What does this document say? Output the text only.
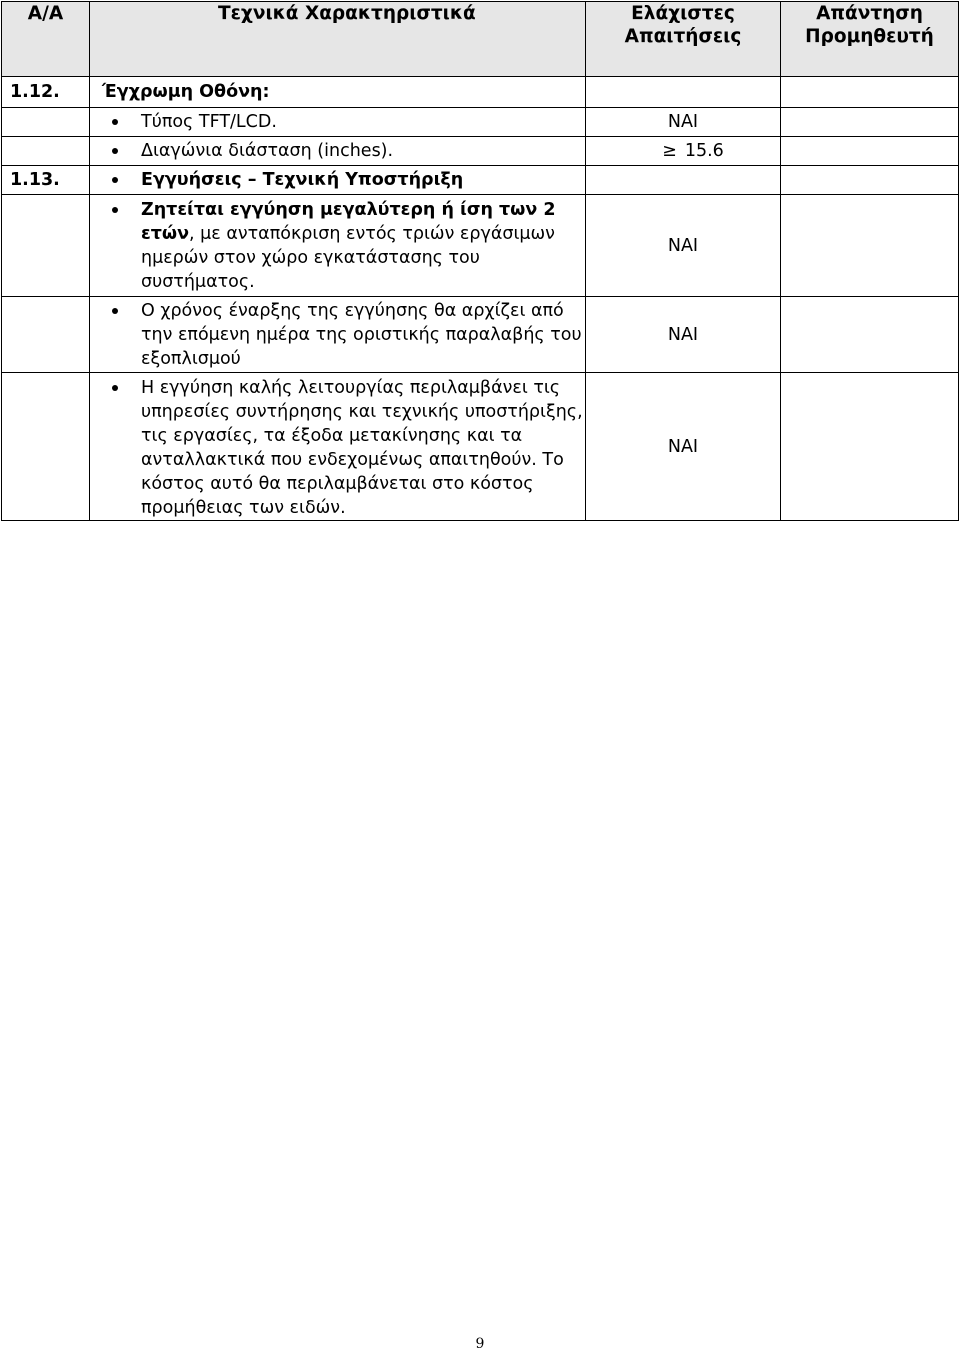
Α/Α	Τεχνικά Χαρακτηριστικά	Ελάχιστες Απαιτήσεις	Απάντηση Προμηθευτή
1.12.	Έγχρωμη Οθόνη:		

	Τύπος TFT/LCD.	ΝΑΙ	

	Διαγώνια διάσταση (inches).	≥ 15.6	
1.13.	Εγγυήσεις – Τεχνική Υποστήριξη		

	Ζητείται εγγύηση μεγαλύτερη ή ίση των 2 ετών, με ανταπόκριση εντός τριών εργάσιμων ημερών στον χώρο εγκατάστασης του συστήματος.	ΝΑΙ	

	Ο χρόνος έναρξης της εγγύησης θα αρχίζει από την επόμενη ημέρα της οριστικής παραλαβής του εξοπλισμού	ΝΑΙ	

	Η εγγύηση καλής λειτουργίας περιλαμβάνει τις υπηρεσίες συντήρησης και τεχνικής υποστήριξης, τις εργασίες, τα έξοδα μετακίνησης και τα ανταλλακτικά που ενδεχομένως απαιτηθούν. Το κόστος αυτό θα περιλαμβάνεται στο κόστος προμήθειας των ειδών.	ΝΑΙ	
9
